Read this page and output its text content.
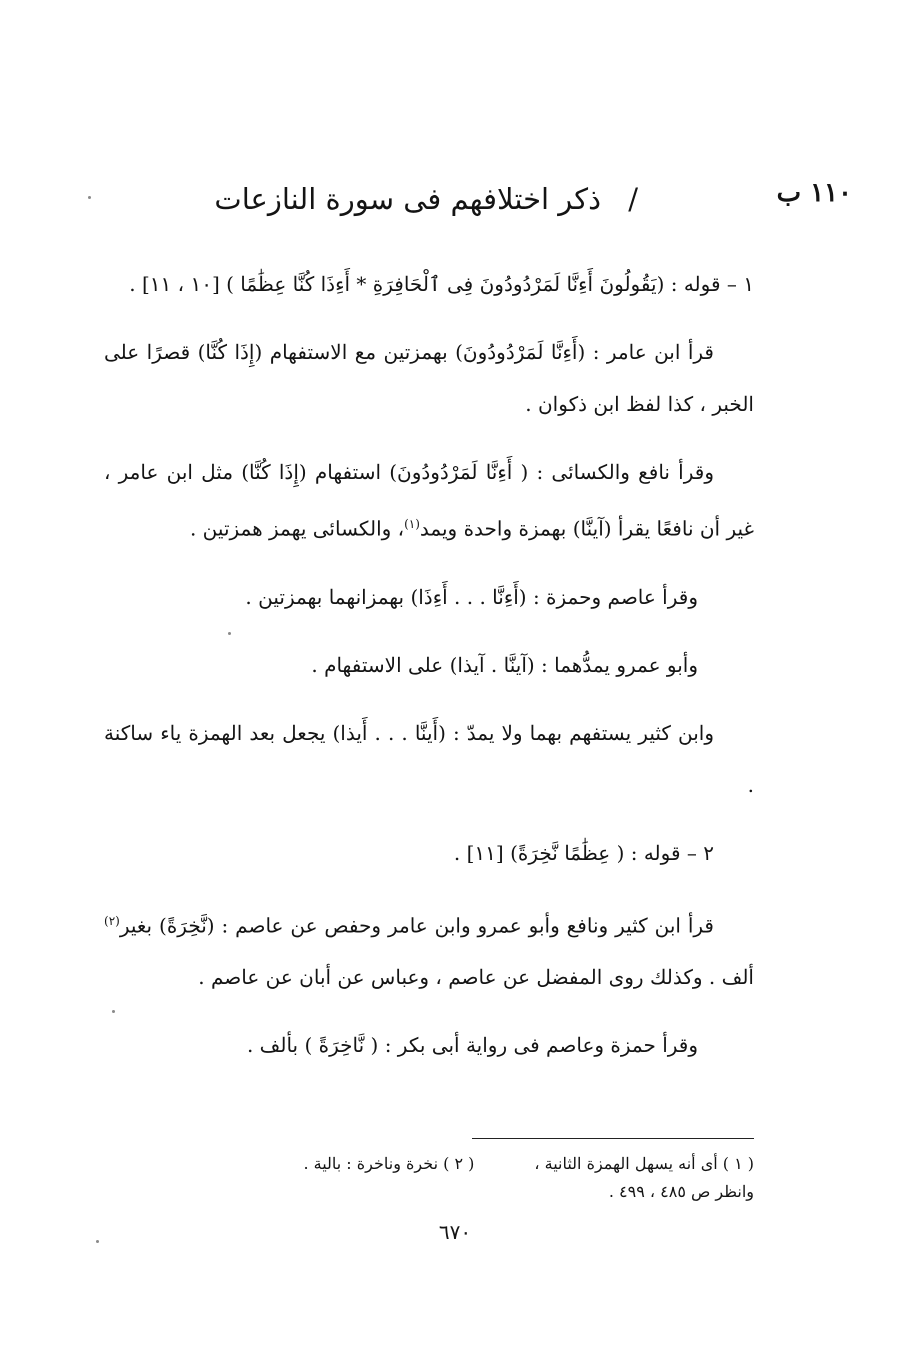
١١٠ ب
/ ذكر اختلافهم فى سورة النازعات

١ – قوله : (يَقُولُونَ أَءِنَّا لَمَرْدُودُونَ فِى ٱلْحَافِرَةِ * أَءِذَا كُنَّا عِظَٰمًا ) [١٠ ، ١١] .

قرأ ابن عامر : (أَءِنَّا لَمَرْدُودُونَ) بهمزتين مع الاستفهام (إِذَا كُنَّا) قصرًا على الخبر ، كذا لفظ ابن ذكوان .

وقرأ نافع والكسائى : ( أَءِنَّا لَمَرْدُودُونَ) استفهام (إِذَا كُنَّا) مثل ابن عامر ، غير أن نافعًا يقرأ (آينَّا) بهمزة واحدة ويمد$^{(١)}$، والكسائى يهمز همزتين .

وقرأ عاصم وحمزة : (أَءِنَّا . . . أَءِذَا) بهمزانهما بهمزتين .

وأبو عمرو يمدُّهما : (آينَّا . آيذا) على الاستفهام .

وابن كثير يستفهم بهما ولا يمدّ : (أَينَّا . . . أَيذا) يجعل بعد الهمزة ياء ساكنة .

٢ – قوله : ( عِظَٰمًا نَّخِرَةً) [١١] .

قرأ ابن كثير ونافع وأبو عمرو وابن عامر وحفص عن عاصم : (نَّخِرَةً) بغير$^{(٢)}$ ألف . وكذلك روى المفضل عن عاصم ، وعباس عن أبان عن عاصم .

وقرأ حمزة وعاصم فى رواية أبى بكر : ( نَّاخِرَةً ) بألف .

( ١ ) أى أنه يسهل الهمزة الثانية ،
( ٢ ) نخرة وناخرة : بالية .

وانظر ص ٤٨٥ ، ٤٩٩ .

٦٧٠
